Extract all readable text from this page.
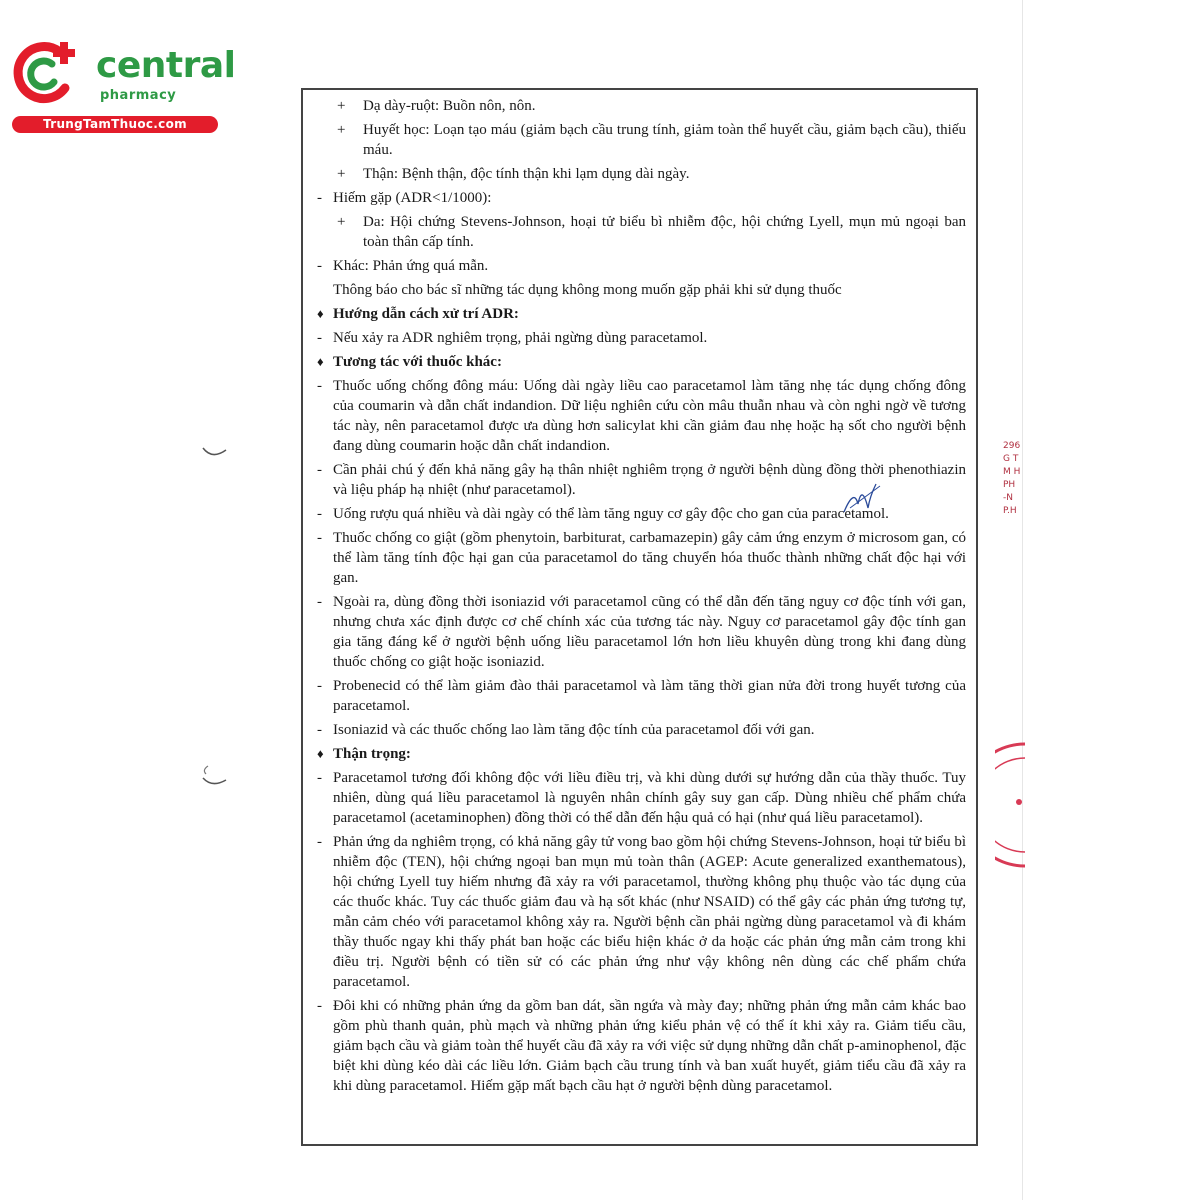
central
pharmacy
TrungTamThuoc.com
+ Dạ dày-ruột: Buồn nôn, nôn.
+ Huyết học: Loạn tạo máu (giảm bạch cầu trung tính, giảm toàn thể huyết cầu, giảm bạch cầu), thiếu máu.
+ Thận: Bệnh thận, độc tính thận khi lạm dụng dài ngày.
- Hiếm gặp (ADR<1/1000):
+ Da: Hội chứng Stevens-Johnson, hoại tử biểu bì nhiễm độc, hội chứng Lyell, mụn mủ ngoại ban toàn thân cấp tính.
- Khác: Phản ứng quá mẫn.
Thông báo cho bác sĩ những tác dụng không mong muốn gặp phải khi sử dụng thuốc
♦ Hướng dẫn cách xử trí ADR:
- Nếu xảy ra ADR nghiêm trọng, phải ngừng dùng paracetamol.
♦ Tương tác với thuốc khác:
- Thuốc uống chống đông máu: Uống dài ngày liều cao paracetamol làm tăng nhẹ tác dụng chống đông của coumarin và dẫn chất indandion. Dữ liệu nghiên cứu còn mâu thuẫn nhau và còn nghi ngờ về tương tác này, nên paracetamol được ưa dùng hơn salicylat khi cần giảm đau nhẹ hoặc hạ sốt cho người bệnh đang dùng coumarin hoặc dẫn chất indandion.
- Cần phải chú ý đến khả năng gây hạ thân nhiệt nghiêm trọng ở người bệnh dùng đồng thời phenothiazin và liệu pháp hạ nhiệt (như paracetamol).
- Uống rượu quá nhiều và dài ngày có thể làm tăng nguy cơ gây độc cho gan của paracetamol.
- Thuốc chống co giật (gồm phenytoin, barbiturat, carbamazepin) gây cảm ứng enzym ở microsom gan, có thể làm tăng tính độc hại gan của paracetamol do tăng chuyển hóa thuốc thành những chất độc hại với gan.
- Ngoài ra, dùng đồng thời isoniazid với paracetamol cũng có thể dẫn đến tăng nguy cơ độc tính với gan, nhưng chưa xác định được cơ chế chính xác của tương tác này. Nguy cơ paracetamol gây độc tính gan gia tăng đáng kể ở người bệnh uống liều paracetamol lớn hơn liều khuyên dùng trong khi đang dùng thuốc chống co giật hoặc isoniazid.
- Probenecid có thể làm giảm đào thải paracetamol và làm tăng thời gian nửa đời trong huyết tương của paracetamol.
- Isoniazid và các thuốc chống lao làm tăng độc tính của paracetamol đối với gan.
♦ Thận trọng:
- Paracetamol tương đối không độc với liều điều trị, và khi dùng dưới sự hướng dẫn của thầy thuốc. Tuy nhiên, dùng quá liều paracetamol là nguyên nhân chính gây suy gan cấp. Dùng nhiều chế phẩm chứa paracetamol (acetaminophen) đồng thời có thể dẫn đến hậu quả có hại (như quá liều paracetamol).
- Phản ứng da nghiêm trọng, có khả năng gây tử vong bao gồm hội chứng Stevens-Johnson, hoại tử biểu bì nhiễm độc (TEN), hội chứng ngoại ban mụn mủ toàn thân (AGEP: Acute generalized exanthematous), hội chứng Lyell tuy hiếm nhưng đã xảy ra với paracetamol, thường không phụ thuộc vào tác dụng của các thuốc khác. Tuy các thuốc giảm đau và hạ sốt khác (như NSAID) có thể gây các phản ứng tương tự, mẫn cảm chéo với paracetamol không xảy ra. Người bệnh cần phải ngừng dùng paracetamol và đi khám thầy thuốc ngay khi thấy phát ban hoặc các biểu hiện khác ở da hoặc các phản ứng mẫn cảm trong khi điều trị. Người bệnh có tiền sử có các phản ứng như vậy không nên dùng các chế phẩm chứa paracetamol.
- Đôi khi có những phản ứng da gồm ban dát, sần ngứa và mày đay; những phản ứng mẫn cảm khác bao gồm phù thanh quản, phù mạch và những phản ứng kiểu phản vệ có thể ít khi xảy ra. Giảm tiểu cầu, giảm bạch cầu và giảm toàn thể huyết cầu đã xảy ra với việc sử dụng những dẫn chất p-aminophenol, đặc biệt khi dùng kéo dài các liều lớn. Giảm bạch cầu trung tính và ban xuất huyết, giảm tiểu cầu đã xảy ra khi dùng paracetamol. Hiếm gặp mất bạch cầu hạt ở người bệnh dùng paracetamol.
296
G T
M H
PH
-N
P.H
